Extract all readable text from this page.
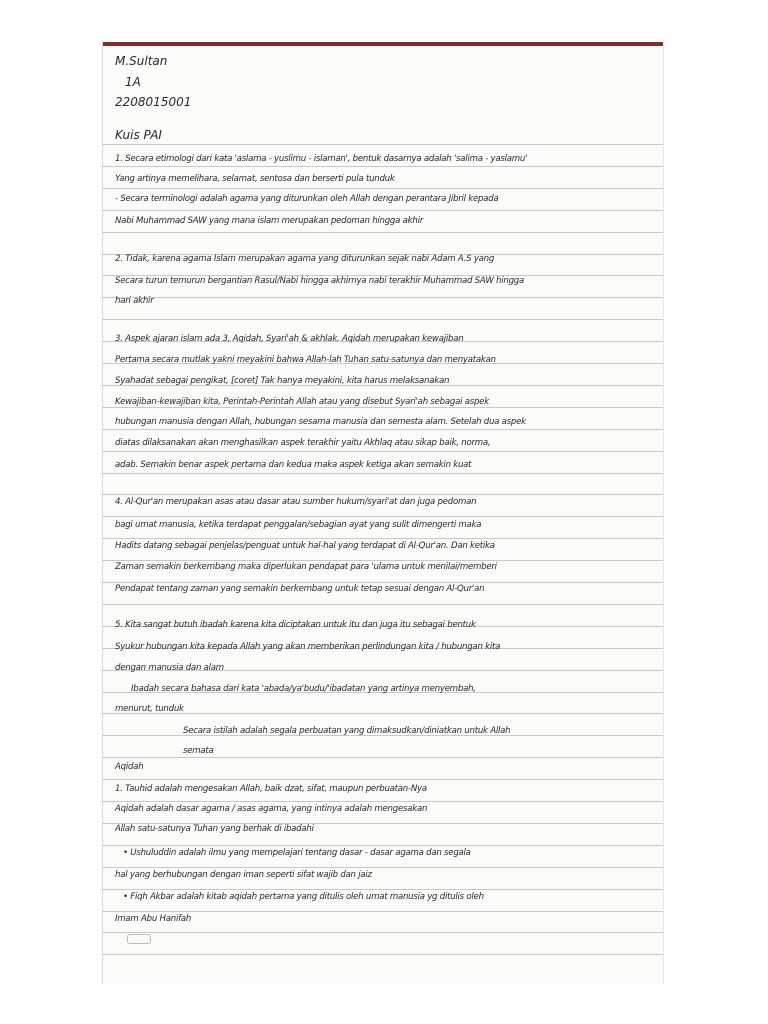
M.Sultan

1A

2208015001

Kuis PAI

1. Secara etimologi dari kata 'aslama - yuslimu - islaman', bentuk dasarnya adalah 'salima - yaslamu'

Yang artinya memelihara, selamat, sentosa dan berserti pula tunduk

- Secara terminologi adalah agama yang diturunkan oleh Allah dengan perantara Jibril kepada

Nabi Muhammad SAW yang mana islam merupakan pedoman hingga akhir

2. Tidak, karena agama Islam merupakan agama yang diturunkan sejak nabi Adam A.S yang

Secara turun temurun bergantian Rasul/Nabi hingga akhirnya nabi terakhir Muhammad SAW hingga

hari akhir

3. Aspek ajaran islam ada 3, Aqidah, Syari'ah & akhlak. Aqidah merupakan kewajiban

Pertama secara mutlak yakni meyakini bahwa Allah-lah Tuhan satu-satunya dan menyatakan

Syahadat sebagai pengikat, [coret] Tak hanya meyakini, kita harus melaksanakan

Kewajiban-kewajiban kita, Perintah-Perintah Allah atau yang disebut Syari'ah sebagai aspek

hubungan manusia dengan Allah, hubungan sesama manusia dan semesta alam. Setelah dua aspek

diatas dilaksanakan akan menghasilkan aspek terakhir yaitu Akhlaq atau sikap baik, norma,

adab. Semakin benar aspek pertama dan kedua maka aspek ketiga akan semakin kuat

4. Al-Qur'an merupakan asas atau dasar atau sumber hukum/syari'at dan juga pedoman

bagi umat manusia, ketika terdapat penggalan/sebagian ayat yang sulit dimengerti maka

Hadits datang sebagai penjelas/penguat untuk hal-hal yang terdapat di Al-Qur'an. Dan ketika

Zaman semakin berkembang maka diperlukan pendapat para 'ulama untuk menilai/memberi

Pendapat tentang zaman yang semakin berkembang untuk tetap sesuai dengan Al-Qur'an

5. Kita sangat butuh ibadah karena kita diciptakan untuk itu dan juga itu sebagai bentuk

Syukur hubungan kita kepada Allah yang akan memberikan perlindungan kita / hubungan kita

dengan manusia dan alam

Ibadah secara bahasa dari kata 'abada/ya'budu/'ibadatan yang artinya menyembah,

menurut, tunduk

Secara istilah adalah segala perbuatan yang dimaksudkan/diniatkan untuk Allah

semata

Aqidah

1. Tauhid adalah mengesakan Allah, baik dzat, sifat, maupun perbuatan-Nya

Aqidah adalah dasar agama / asas agama, yang intinya adalah mengesakan

Allah satu-satunya Tuhan yang berhak di ibadahi

• Ushuluddin adalah ilmu yang mempelajari tentang dasar - dasar agama dan segala

hal yang berhubungan dengan iman seperti sifat wajib dan jaiz

• Fiqh Akbar adalah kitab aqidah pertama yang ditulis oleh umat manusia yg ditulis oleh

Imam Abu Hanifah
